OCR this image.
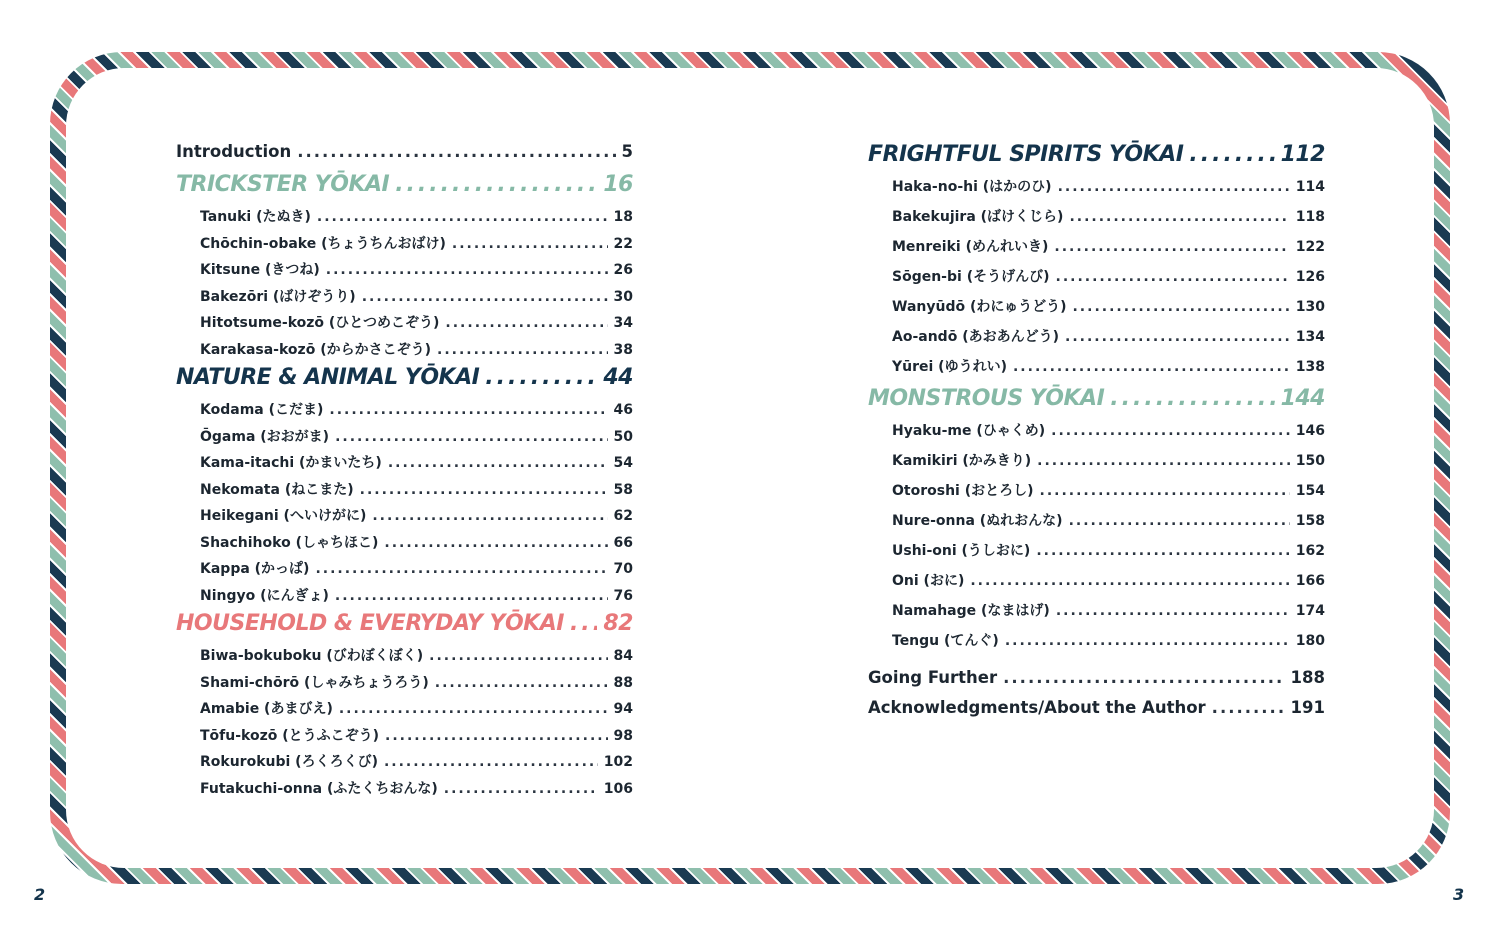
Introduction .....	5
TRICKSTER YŌKAI .....	16
Tanuki (たぬき) .....	18
Chōchin-obake (ちょうちんおばけ) .....	22
Kitsune (きつね) .....	26
Bakezōri (ばけぞうり) .....	30
Hitotsume-kozō (ひとつめこぞう) .....	34
Karakasa-kozō (からかさこぞう) .....	38
NATURE & ANIMAL YŌKAI .....	44
Kodama (こだま) .....	46
Ōgama (おおがま) .....	50
Kama-itachi (かまいたち) .....	54
Nekomata (ねこまた) .....	58
Heikegani (へいけがに) .....	62
Shachihoko (しゃちほこ) .....	66
Kappa (かっぱ) .....	70
Ningyo (にんぎょ) .....	76
HOUSEHOLD & EVERYDAY YŌKAI ..... 82
Biwa-bokuboku (びわぼくぼく) .....	84
Shami-chōrō (しゃみちょうろう) .....	88
Amabie (あまびえ) .....	94
Tōfu-kozō (とうふこぞう) .....	98
Rokurokubi (ろくろくび) .....	102
Futakuchi-onna (ふたくちおんな) .....	106
FRIGHTFUL SPIRITS YŌKAI .....	112
Haka-no-hi (はかのひ) .....	114
Bakekujira (ばけくじら) .....	118
Menreiki (めんれいき) .....	122
Sōgen-bi (そうげんび) .....	126
Wanyūdō (わにゅうどう) .....	130
Ao-andō (あおあんどう) .....	134
Yūrei (ゆうれい) .....	138
MONSTROUS YŌKAI .....	144
Hyaku-me (ひゃくめ) .....	146
Kamikiri (かみきり) .....	150
Otoroshi (おとろし) .....	154
Nure-onna (ぬれおんな) .....	158
Ushi-oni (うしおに) .....	162
Oni (おに) .....	166
Namahage (なまはげ) .....	174
Tengu (てんぐ) .....	180
Going Further .....	188
Acknowledgments/About the Author .....	191
2	3
